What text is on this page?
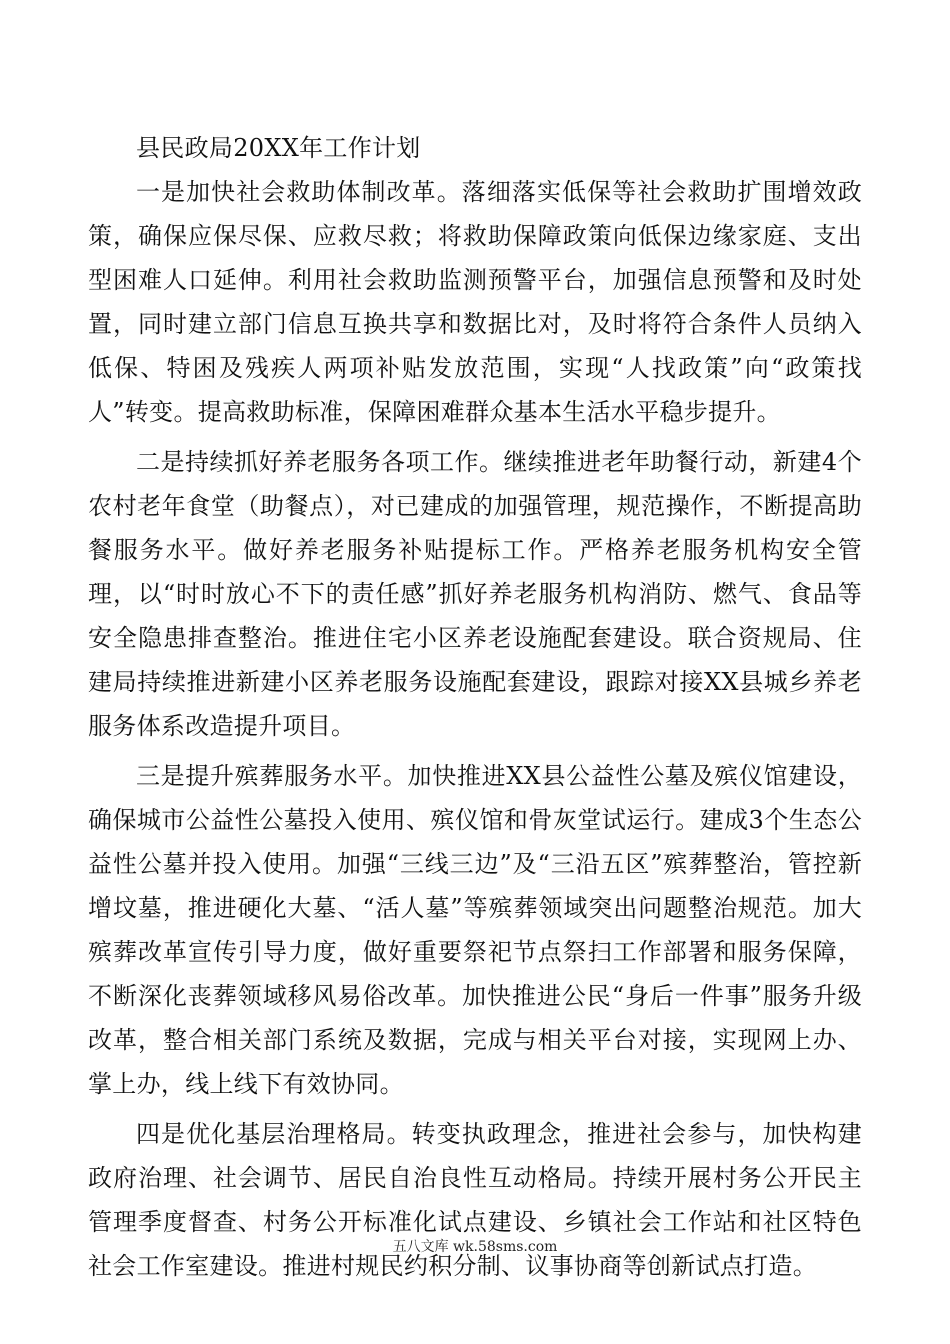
县民政局20XX年工作计划

一是加快社会救助体制改革。落细落实低保等社会救助扩围增效政策，确保应保尽保、应救尽救；将救助保障政策向低保边缘家庭、支出型困难人口延伸。利用社会救助监测预警平台，加强信息预警和及时处置，同时建立部门信息互换共享和数据比对，及时将符合条件人员纳入低保、特困及残疾人两项补贴发放范围，实现“人找政策”向“政策找人”转变。提高救助标准，保障困难群众基本生活水平稳步提升。

二是持续抓好养老服务各项工作。继续推进老年助餐行动，新建4个农村老年食堂（助餐点），对已建成的加强管理，规范操作，不断提高助餐服务水平。做好养老服务补贴提标工作。严格养老服务机构安全管理，以“时时放心不下的责任感”抓好养老服务机构消防、燃气、食品等安全隐患排查整治。推进住宅小区养老设施配套建设。联合资规局、住建局持续推进新建小区养老服务设施配套建设，跟踪对接XX县城乡养老服务体系改造提升项目。

三是提升殡葬服务水平。加快推进XX县公益性公墓及殡仪馆建设，确保城市公益性公墓投入使用、殡仪馆和骨灰堂试运行。建成3个生态公益性公墓并投入使用。加强“三线三边”及“三沿五区”殡葬整治，管控新增坟墓，推进硬化大墓、“活人墓”等殡葬领域突出问题整治规范。加大殡葬改革宣传引导力度，做好重要祭祀节点祭扫工作部署和服务保障，不断深化丧葬领域移风易俗改革。加快推进公民“身后一件事”服务升级改革，整合相关部门系统及数据，完成与相关平台对接，实现网上办、掌上办，线上线下有效协同。

四是优化基层治理格局。转变执政理念，推进社会参与，加快构建政府治理、社会调节、居民自治良性互动格局。持续开展村务公开民主管理季度督查、村务公开标准化试点建设、乡镇社会工作站和社区特色社会工作室建设。推进村规民约积分制、议事协商等创新试点打造。

五八文库 wk.58sms.com
